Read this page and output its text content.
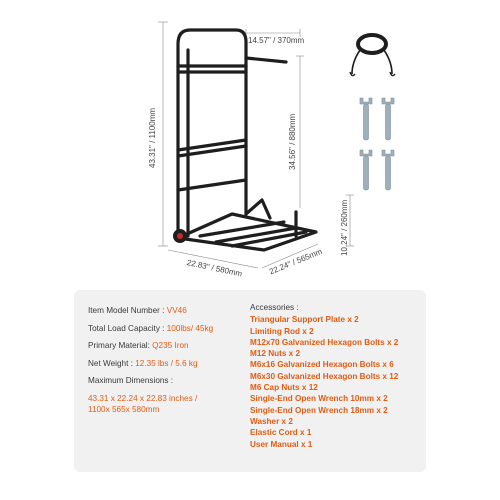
14.57" / 370mm
43.31" / 1100mm	34.56" / 880mm
10.24" / 260mm
22.83" / 580mm	22.24" / 565mm
Item Model Number : VV46
Total Load Capacity : 100lbs/ 45kg
Primary Material: Q235 Iron
Net Weight : 12.35 lbs / 5.6 kg
Maximum Dimensions :
43.31 x 22.24 x 22.83 inches /
1100x 565x 580mm
Accessories :
Triangular Support Plate x 2
Limiting Rod x 2
M12x70 Galvanized Hexagon Bolts x 2
M12 Nuts x 2
M6x16 Galvanized Hexagon Bolts x 6
M6x30 Galvanized Hexagon Bolts x 12
M6 Cap Nuts x 12
Single-End Open Wrench 10mm x 2
Single-End Open Wrench 18mm x 2
Washer x 2
Elastic Cord x 1
User Manual x 1
